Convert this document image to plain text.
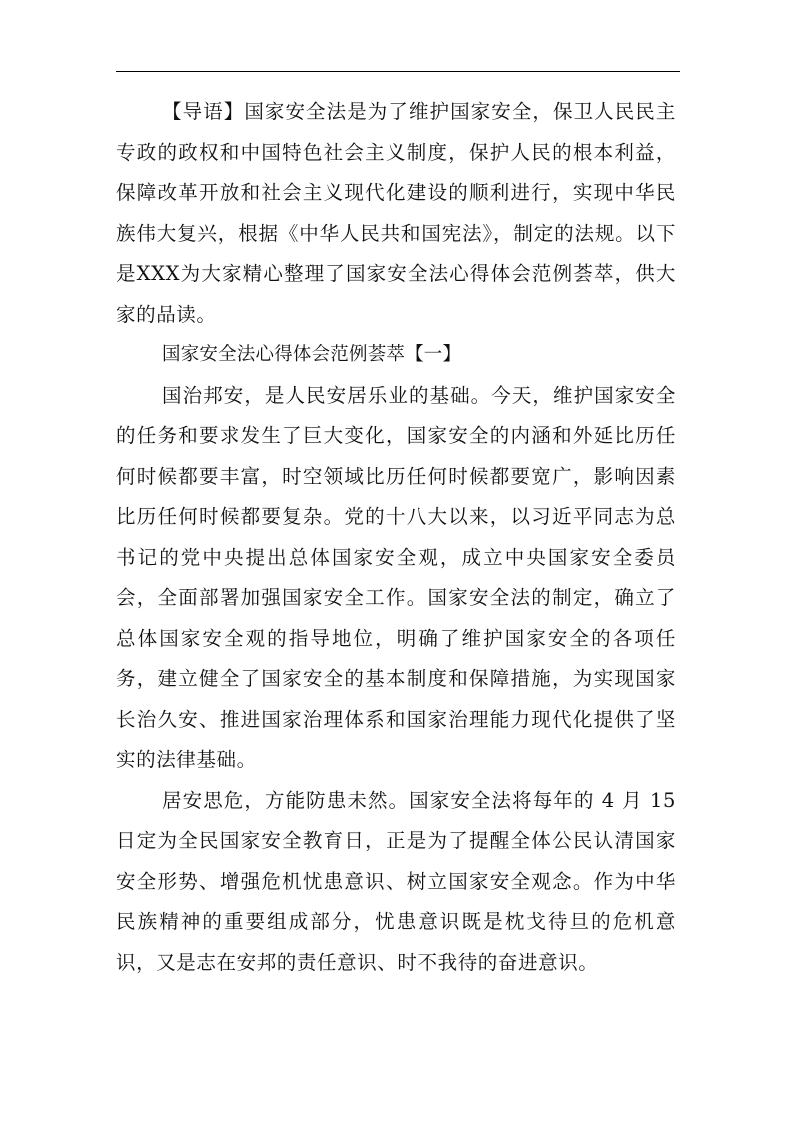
【导语】国家安全法是为了维护国家安全，保卫人民民主专政的政权和中国特色社会主义制度，保护人民的根本利益，保障改革开放和社会主义现代化建设的顺利进行，实现中华民族伟大复兴，根据《中华人民共和国宪法》，制定的法规。以下是XXX为大家精心整理了国家安全法心得体会范例荟萃，供大家的品读。

国家安全法心得体会范例荟萃【一】

国治邦安，是人民安居乐业的基础。今天，维护国家安全的任务和要求发生了巨大变化，国家安全的内涵和外延比历任何时候都要丰富，时空领域比历任何时候都要宽广，影响因素比历任何时候都要复杂。党的十八大以来，以习近平同志为总书记的党中央提出总体国家安全观，成立中央国家安全委员会，全面部署加强国家安全工作。国家安全法的制定，确立了总体国家安全观的指导地位，明确了维护国家安全的各项任务，建立健全了国家安全的基本制度和保障措施，为实现国家长治久安、推进国家治理体系和国家治理能力现代化提供了坚实的法律基础。

居安思危，方能防患未然。国家安全法将每年的 4 月 15日定为全民国家安全教育日，正是为了提醒全体公民认清国家安全形势、增强危机忧患意识、树立国家安全观念。作为中华民族精神的重要组成部分，忧患意识既是枕戈待旦的危机意识，又是志在安邦的责任意识、时不我待的奋进意识。
